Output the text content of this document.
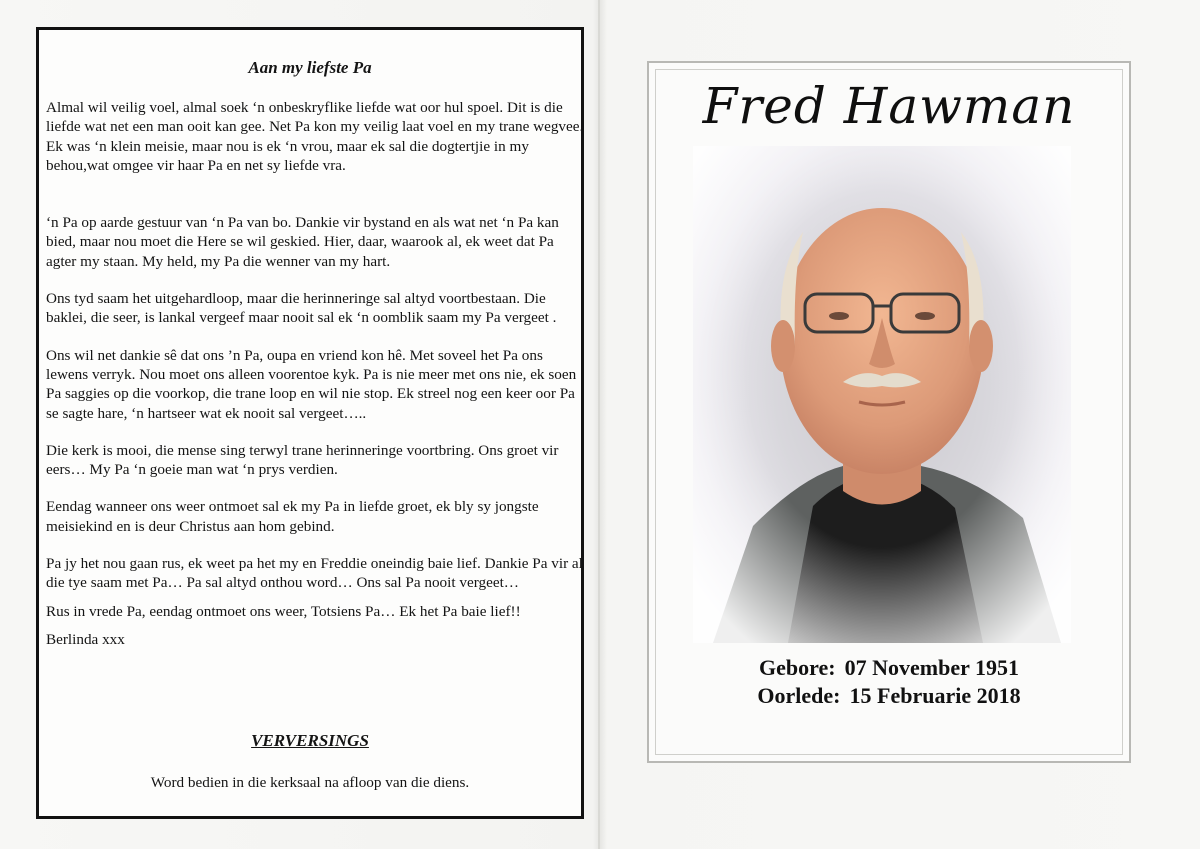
Aan my liefste Pa

Almal wil veilig voel, almal soek ‘n onbeskryflike liefde wat oor hul spoel. Dit is die liefde wat net een man ooit kan gee. Net Pa kon my veilig laat voel en my trane wegvee. Ek was ‘n klein meisie, maar nou is ek ‘n vrou, maar ek sal die dogtertjie in my behou,wat omgee vir haar Pa en net sy liefde vra.

‘n Pa op aarde gestuur van ‘n Pa van bo. Dankie vir bystand en als wat net ‘n Pa kan bied, maar nou moet die Here se wil geskied. Hier, daar, waarook al, ek weet dat Pa agter my staan. My held, my Pa die wenner van my hart.

Ons tyd saam het uitgehardloop, maar die herinneringe sal altyd voortbestaan. Die baklei, die seer, is lankal vergeef maar nooit sal ek ‘n oomblik saam my Pa vergeet .

Ons wil net dankie sê dat ons ’n Pa, oupa en vriend kon hê. Met soveel het Pa ons lewens verryk. Nou moet ons alleen voorentoe kyk. Pa is nie meer met ons nie, ek soen Pa saggies op die voorkop, die trane loop en wil nie stop. Ek streel nog een keer oor Pa se sagte hare, ‘n hartseer wat ek nooit sal vergeet…..

Die kerk is mooi, die mense sing terwyl trane herinneringe voortbring. Ons groet vir eers… My Pa ‘n goeie man wat ‘n prys verdien.

Eendag wanneer ons weer ontmoet sal ek my Pa in liefde groet, ek bly sy jongste meisiekind en is deur Christus aan hom gebind.

Pa jy het nou gaan rus, ek weet pa het my en Freddie oneindig baie lief. Dankie Pa vir al die tye saam met Pa… Pa sal altyd onthou word… Ons sal Pa nooit vergeet…

Rus in vrede Pa, eendag ontmoet ons weer, Totsiens Pa… Ek het Pa baie lief!!

Berlinda xxx

VERVERSINGS
Word bedien in die kerksaal na afloop van die diens.
Fred Hawman
Gebore: 07 November 1951
Oorlede: 15 Februarie 2018
